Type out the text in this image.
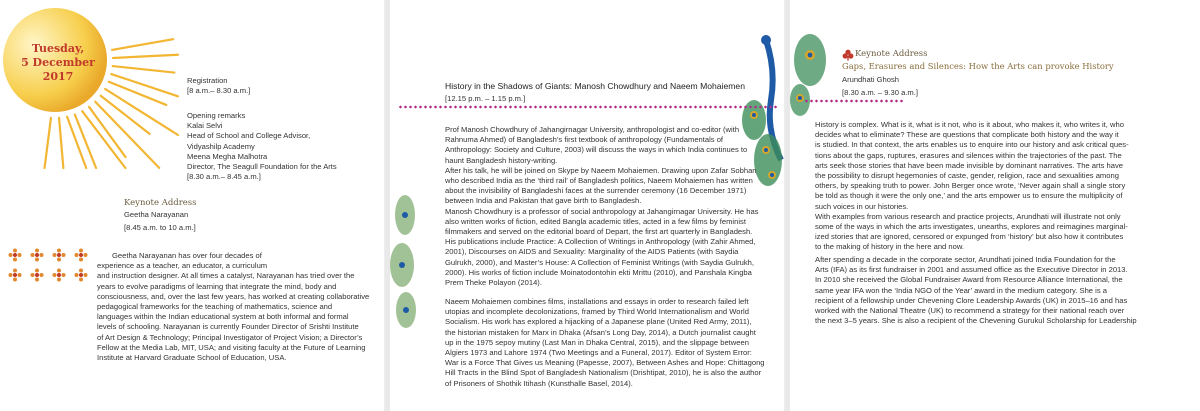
Tuesday,
5 December
2017	Registration
[8 a.m.– 8.30 a.m.]
Opening remarks
Kalai Selvi
Head of School and College Advisor,
Vidyashilp Academy
Meena Megha Malhotra
Director, The Seagull Foundation for the Arts
[8.30 a.m.– 8.45 a.m.]
Keynote Address
Geetha Narayanan
[8.45 a.m. to 10 a.m.]
Geetha Narayanan has over four decades of
experience as a teacher, an educator, a curriculum
and instruction designer. At all times a catalyst, Narayanan has tried over the
years to evolve paradigms of learning that integrate the mind, body and
consciousness, and, over the last few years, has worked at creating collaborative
pedagogical frameworks for the teaching of mathematics, science and
languages within the Indian educational system at both informal and formal
levels of schooling. Narayanan is currently Founder Director of Srishti Institute
of Art Design & Technology; Principal Investigator of Project Vision; a Director’s
Fellow at the Media Lab, MIT, USA; and visiting faculty at the Future of Learning
Institute at Harvard Graduate School of Education, USA.
History in the Shadows of Giants: Manosh Chowdhury and Naeem Mohaiemen
[12.15 p.m. – 1.15 p.m.]
Prof Manosh Chowdhury of Jahangirnagar University, anthropologist and co-editor (with
Rahnuma Ahmed) of Bangladesh’s first textbook of anthropology (Fundamentals of
Anthropology: Society and Culture, 2003) will discuss the ways in which India continues to
haunt Bangladesh history-writing.
After his talk, he will be joined on Skype by Naeem Mohaiemen. Drawing upon Zafar Sobhan
who described India as the ‘third rail’ of Bangladesh politics, Naeem Mohaiemen has written
about the invisibility of Bangladeshi faces at the surrender ceremony (16 December 1971)
between India and Pakistan that gave birth to Bangladesh.
Manosh Chowdhury is a professor of social anthropology at Jahangirnagar University. He has
also written works of fiction, edited Bangla academic titles, acted in a few films by feminist
filmmakers and served on the editorial board of Depart, the first art quarterly in Bangladesh.
His publications include Practice: A Collection of Writings in Anthropology (with Zahir Ahmed,
2001), Discourses on AIDS and Sexuality: Marginality of the AIDS Patients (with Saydia
Gulrukh, 2000), and Master’s House: A Collection of Feminist Writings (with Saydia Gulrukh,
2000). His works of fiction include Moinatodontohin ekti Mrittu (2010), and Panshala Kingba
Prem Theke Polayon (2014).
Naeem Mohaiemen combines films, installations and essays in order to research failed left
utopias and incomplete decolonizations, framed by Third World Internationalism and World
Socialism. His work has explored a hijacking of a Japanese plane (United Red Army, 2011),
the historian mistaken for Marx in Dhaka (Afsan’s Long Day, 2014), a Dutch journalist caught
up in the 1975 sepoy mutiny (Last Man in Dhaka Central, 2015), and the slippage between
Algiers 1973 and Lahore 1974 (Two Meetings and a Funeral, 2017). Editor of System Error:
War is a Force That Gives us Meaning (Papesse, 2007), Between Ashes and Hope: Chittagong
Hill Tracts in the Blind Spot of Bangladesh Nationalism (Drishtipat, 2010), he is also the author
of Prisoners of Shothik Itihash (Kunsthalle Basel, 2014).
Keynote Address
Gaps, Erasures and Silences: How the Arts can provoke History
Arundhati Ghosh
[8.30 a.m. – 9.30 a.m.]
History is complex. What is it, what is it not, who is it about, who makes it, who writes it, who
decides what to eliminate? These are questions that complicate both history and the way it
is studied. In that context, the arts enables us to enquire into our history and ask critical ques-
tions about the gaps, ruptures, erasures and silences within the trajectories of the past. The
arts seek those stories that have been made invisible by dominant narratives. The arts have
the possibility to disrupt hegemonies of caste, gender, religion, race and sexualities among
others, by speaking truth to power. John Berger once wrote, ‘Never again shall a single story
be told as though it were the only one,’ and the arts empower us to ensure the multiplicity of
such voices in our histories.
With examples from various research and practice projects, Arundhati will illustrate not only
some of the ways in which the arts investigates, unearths, explores and reimagines marginal-
ized stories that are ignored, censored or expunged from ‘history’ but also how it contributes
to the making of history in the here and now.
After spending a decade in the corporate sector, Arundhati joined India Foundation for the
Arts (IFA) as its first fundraiser in 2001 and assumed office as the Executive Director in 2013.
In 2010 she received the Global Fundraiser Award from Resource Alliance International, the
same year IFA won the ‘India NGO of the Year’ award in the medium category. She is a
recipient of a fellowship under Chevening Clore Leadership Awards (UK) in 2015–16 and has
worked with the National Theatre (UK) to recommend a strategy for their national reach over
the next 3–5 years. She is also a recipient of the Chevening Gurukul Scholarship for Leadership
